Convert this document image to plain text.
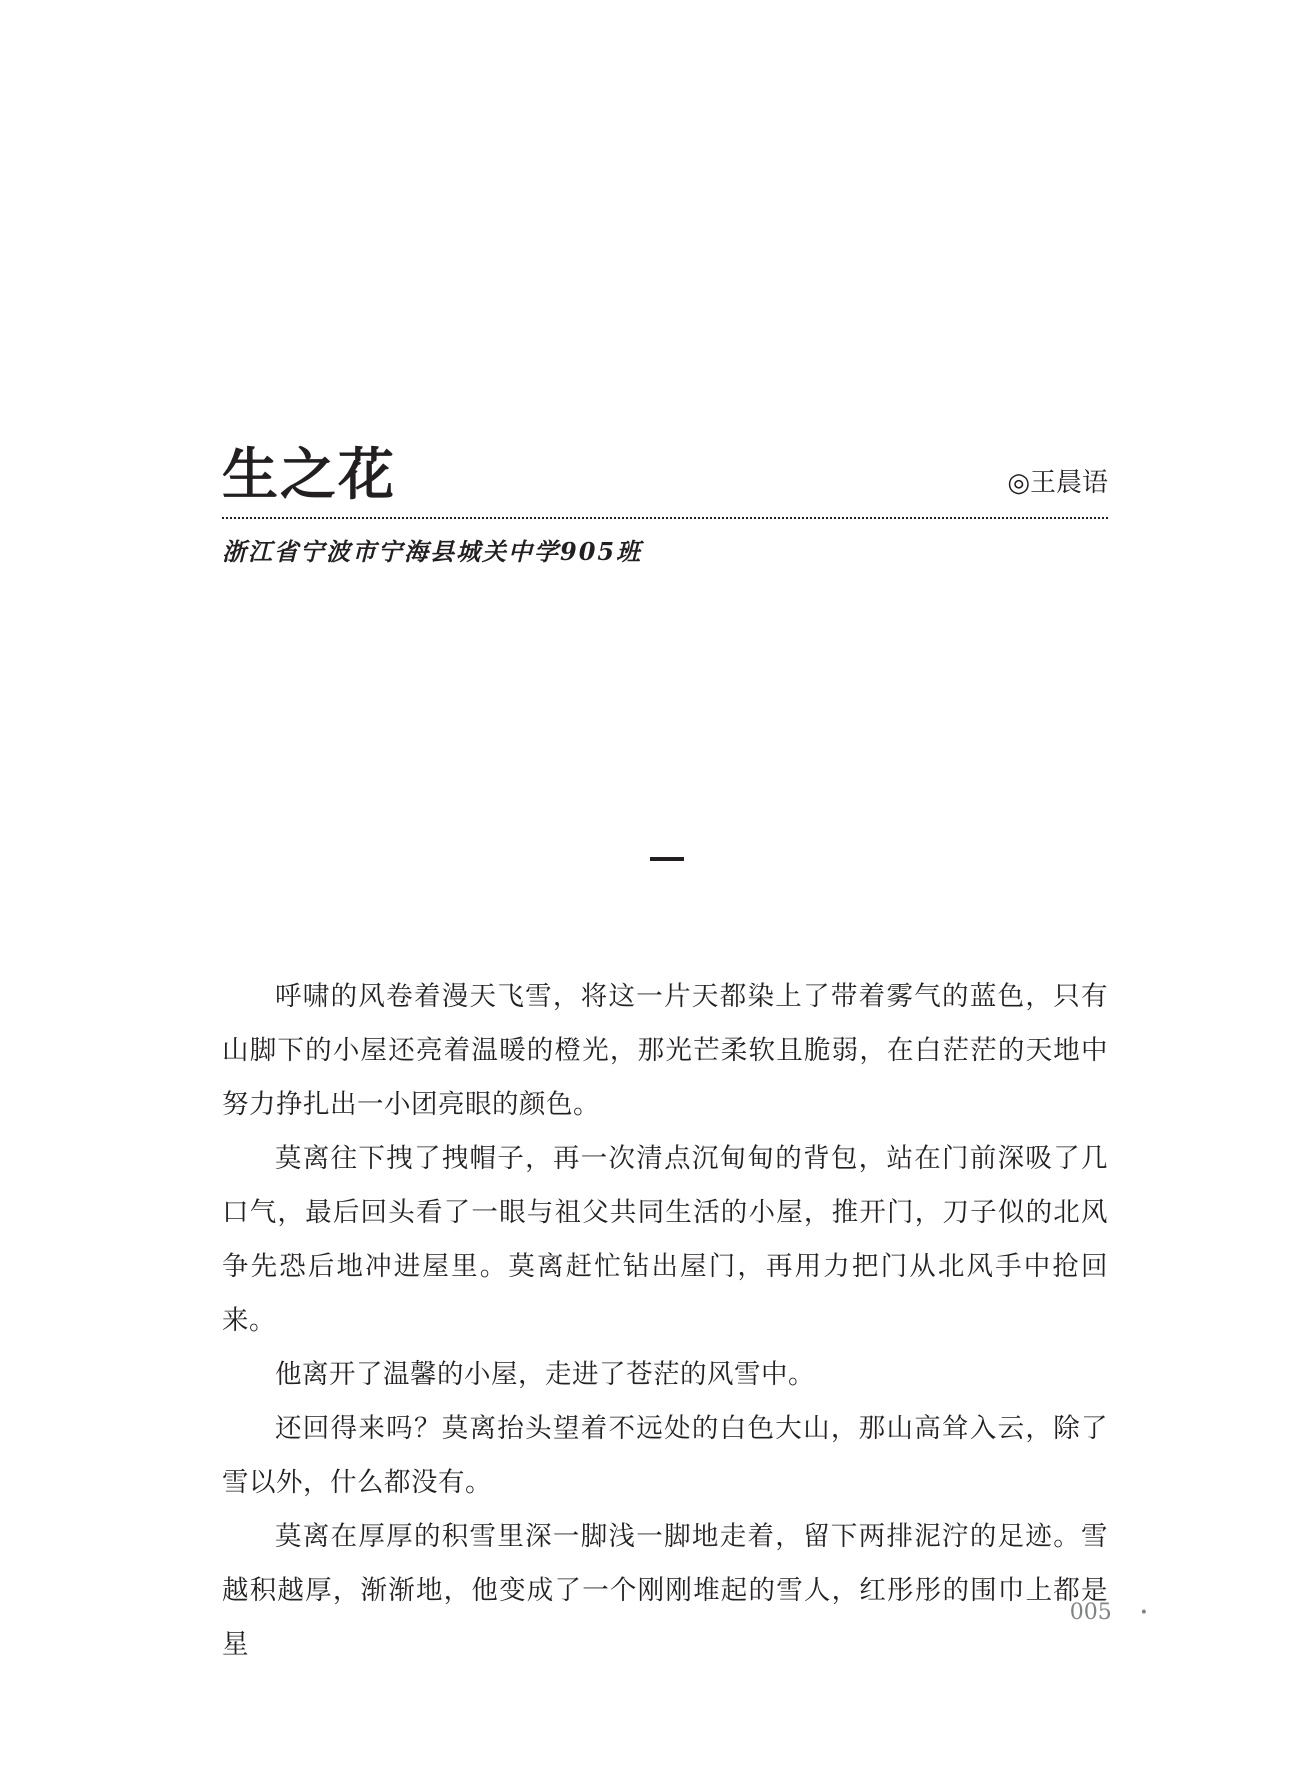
生之花	◎王晨语
浙江省宁波市宁海县城关中学905班

呼啸的风卷着漫天飞雪，将这一片天都染上了带着雾气的蓝色，只有山脚下的小屋还亮着温暖的橙光，那光芒柔软且脆弱，在白茫茫的天地中努力挣扎出一小团亮眼的颜色。

莫离往下拽了拽帽子，再一次清点沉甸甸的背包，站在门前深吸了几口气，最后回头看了一眼与祖父共同生活的小屋，推开门，刀子似的北风争先恐后地冲进屋里。莫离赶忙钻出屋门，再用力把门从北风手中抢回来。

他离开了温馨的小屋，走进了苍茫的风雪中。

还回得来吗？莫离抬头望着不远处的白色大山，那山高耸入云，除了雪以外，什么都没有。

莫离在厚厚的积雪里深一脚浅一脚地走着，留下两排泥泞的足迹。雪越积越厚，渐渐地，他变成了一个刚刚堆起的雪人，红彤彤的围巾上都是星

005 •
